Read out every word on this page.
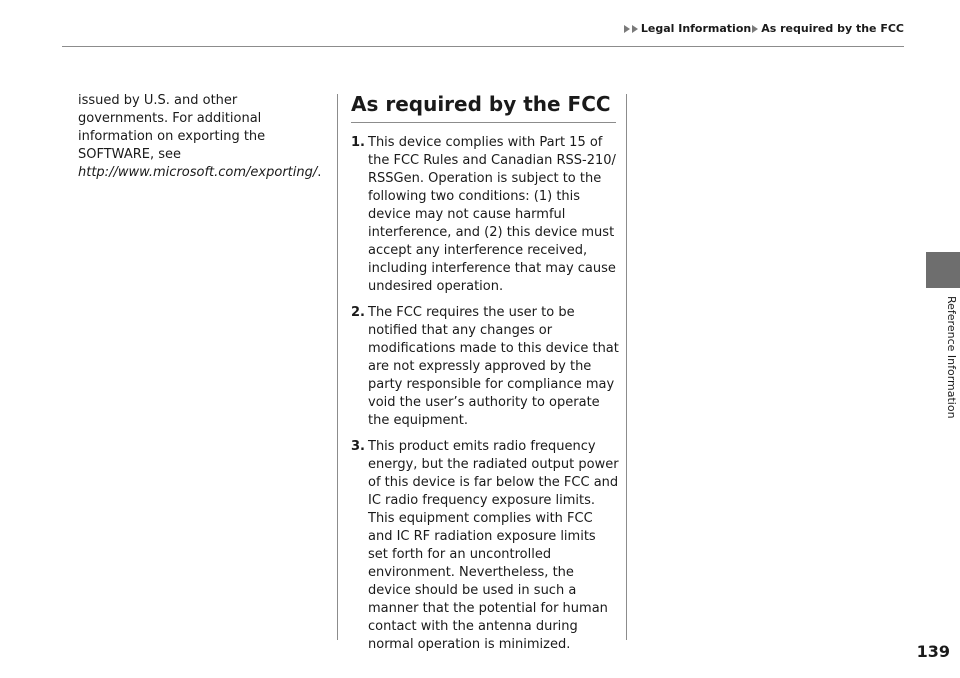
Legal Information As required by the FCC
issued by U.S. and other governments. For additional information on exporting the SOFTWARE, see http://www.microsoft.com/exporting/.
As required by the FCC
1. This device complies with Part 15 of the FCC Rules and Canadian RSS-210/ RSSGen. Operation is subject to the following two conditions: (1) this device may not cause harmful interference, and (2) this device must accept any interference received, including interference that may cause undesired operation.
2. The FCC requires the user to be notified that any changes or modifications made to this device that are not expressly approved by the party responsible for compliance may void the user’s authority to operate the equipment.
3. This product emits radio frequency energy, but the radiated output power of this device is far below the FCC and IC radio frequency exposure limits. This equipment complies with FCC and IC RF radiation exposure limits set forth for an uncontrolled environment. Nevertheless, the device should be used in such a manner that the potential for human contact with the antenna during normal operation is minimized.
Reference Information
139
